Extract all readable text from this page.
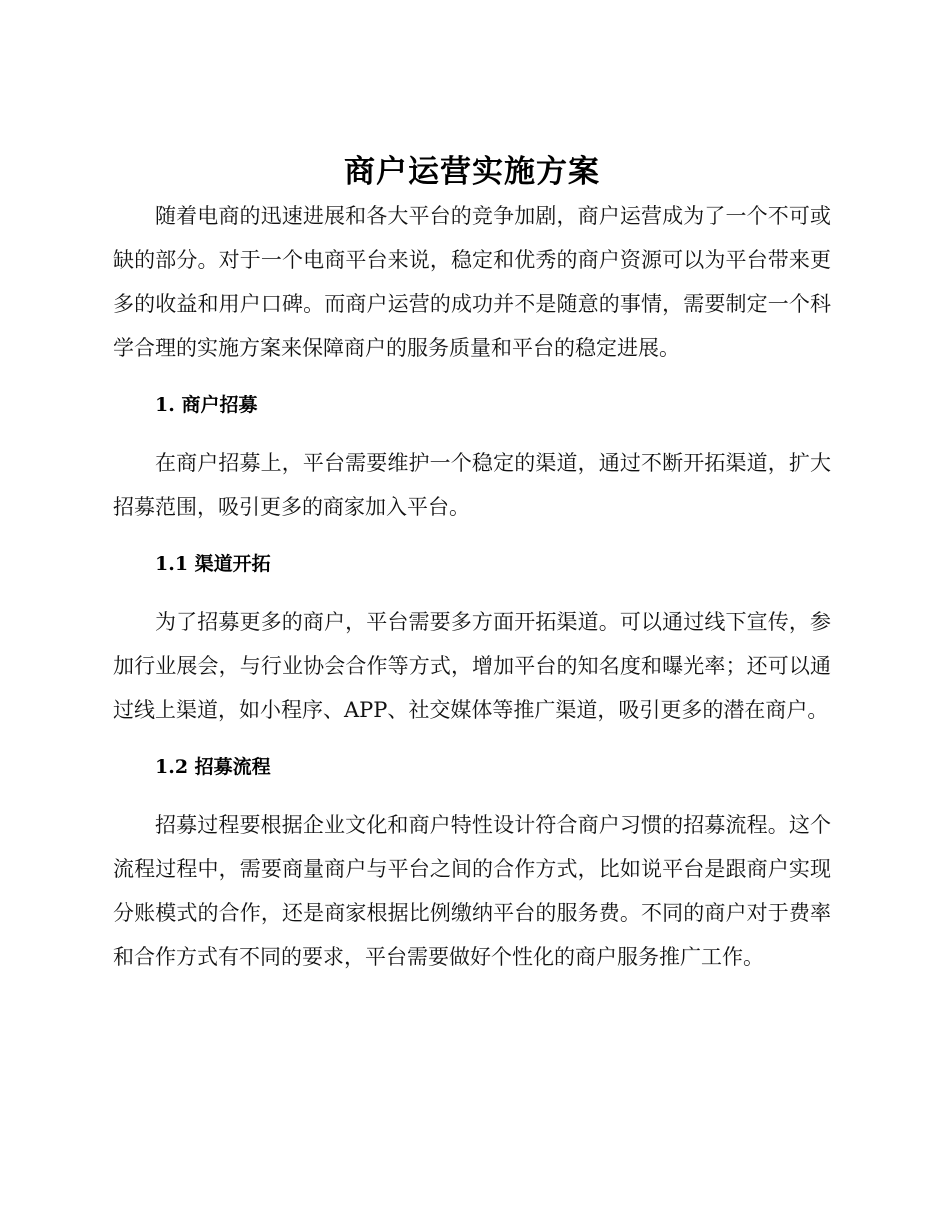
商户运营实施方案

随着电商的迅速进展和各大平台的竞争加剧，商户运营成为了一个不可或缺的部分。对于一个电商平台来说，稳定和优秀的商户资源可以为平台带来更多的收益和用户口碑。而商户运营的成功并不是随意的事情，需要制定一个科学合理的实施方案来保障商户的服务质量和平台的稳定进展。

1. 商户招募

在商户招募上，平台需要维护一个稳定的渠道，通过不断开拓渠道，扩大招募范围，吸引更多的商家加入平台。

1.1 渠道开拓

为了招募更多的商户，平台需要多方面开拓渠道。可以通过线下宣传，参加行业展会，与行业协会合作等方式，增加平台的知名度和曝光率；还可以通过线上渠道，如小程序、APP、社交媒体等推广渠道，吸引更多的潜在商户。

1.2 招募流程

招募过程要根据企业文化和商户特性设计符合商户习惯的招募流程。这个流程过程中，需要商量商户与平台之间的合作方式，比如说平台是跟商户实现分账模式的合作，还是商家根据比例缴纳平台的服务费。不同的商户对于费率和合作方式有不同的要求，平台需要做好个性化的商户服务推广工作。
